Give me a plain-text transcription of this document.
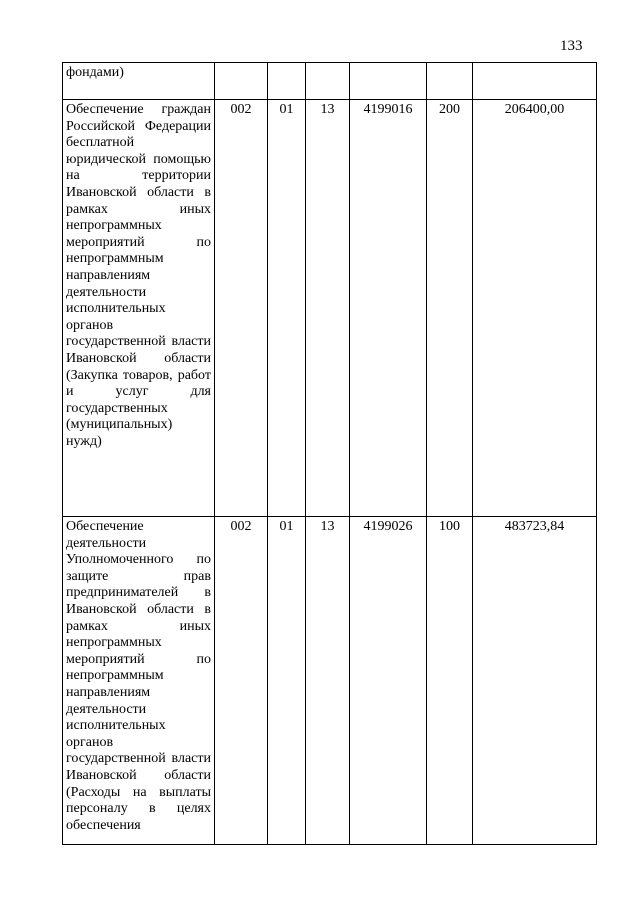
133
фондами)						
Обеспечение граждан Российской Федерации бесплатной юридической помощью на территории Ивановской области в рамках иных непрограммных мероприятий по непрограммным направлениям деятельности исполнительных органов государственной власти Ивановской области (Закупка товаров, работ и услуг для государственных (муниципальных) нужд)	002	01	13	4199016	200	206400,00
Обеспечение деятельности Уполномоченного по защите прав предпринимателей в Ивановской области в рамках иных непрограммных мероприятий по непрограммным направлениям деятельности исполнительных органов государственной власти Ивановской области (Расходы на выплаты персоналу в целях обеспечения	002	01	13	4199026	100	483723,84
